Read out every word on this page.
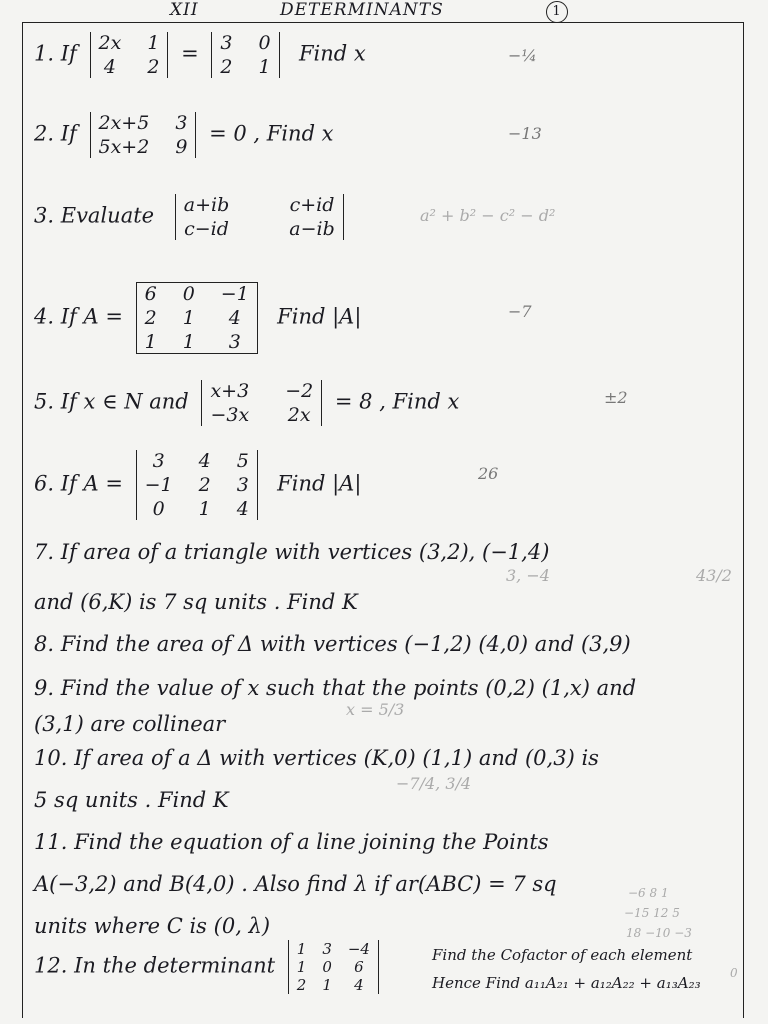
XII	DETERMINANTS	1
1. If 2x 1
4 2
= 3 0
2 1
Find x	−¼
2. If 2x+5 3
5x+2 9
= 0 , Find x	−13
3. Evaluate a+ib	c+id
c−id	a−ib
a² + b² − c² − d²
4. If A =
6 0 −1
2 1	4
1 1	3
Find |A|	−7
5. If x ∈ N and x+3 −2
−3x 2x
= 8 , Find x	±2
6. If A =
3	4 5
−1 2 3
0	1 4
Find |A|	26
7. If area of a triangle with vertices (3,2), (−1,4)
and (6,K) is 7 sq units . Find K
3, −4	43/2
8. Find the area of Δ with vertices (−1,2) (4,0) and (3,9)
9. Find the value of x such that the points (0,2) (1,x) and
(3,1) are collinear
x = 5/3
10. If area of a Δ with vertices (K,0) (1,1) and (0,3) is
5 sq units . Find K
−7/4, 3/4
11. Find the equation of a line joining the Points
A(−3,2) and B(4,0) . Also find λ if ar(ABC) = 7 sq
units where C is (0, λ)
−6 8 1
−15 12 5
18 −10 −3
12. In the determinant
1 3 −4
1 0	6
2 1	4
Find the Cofactor of each element
Hence Find a₁₁A₂₁ + a₁₂A₂₂ + a₁₃A₂₃
0
